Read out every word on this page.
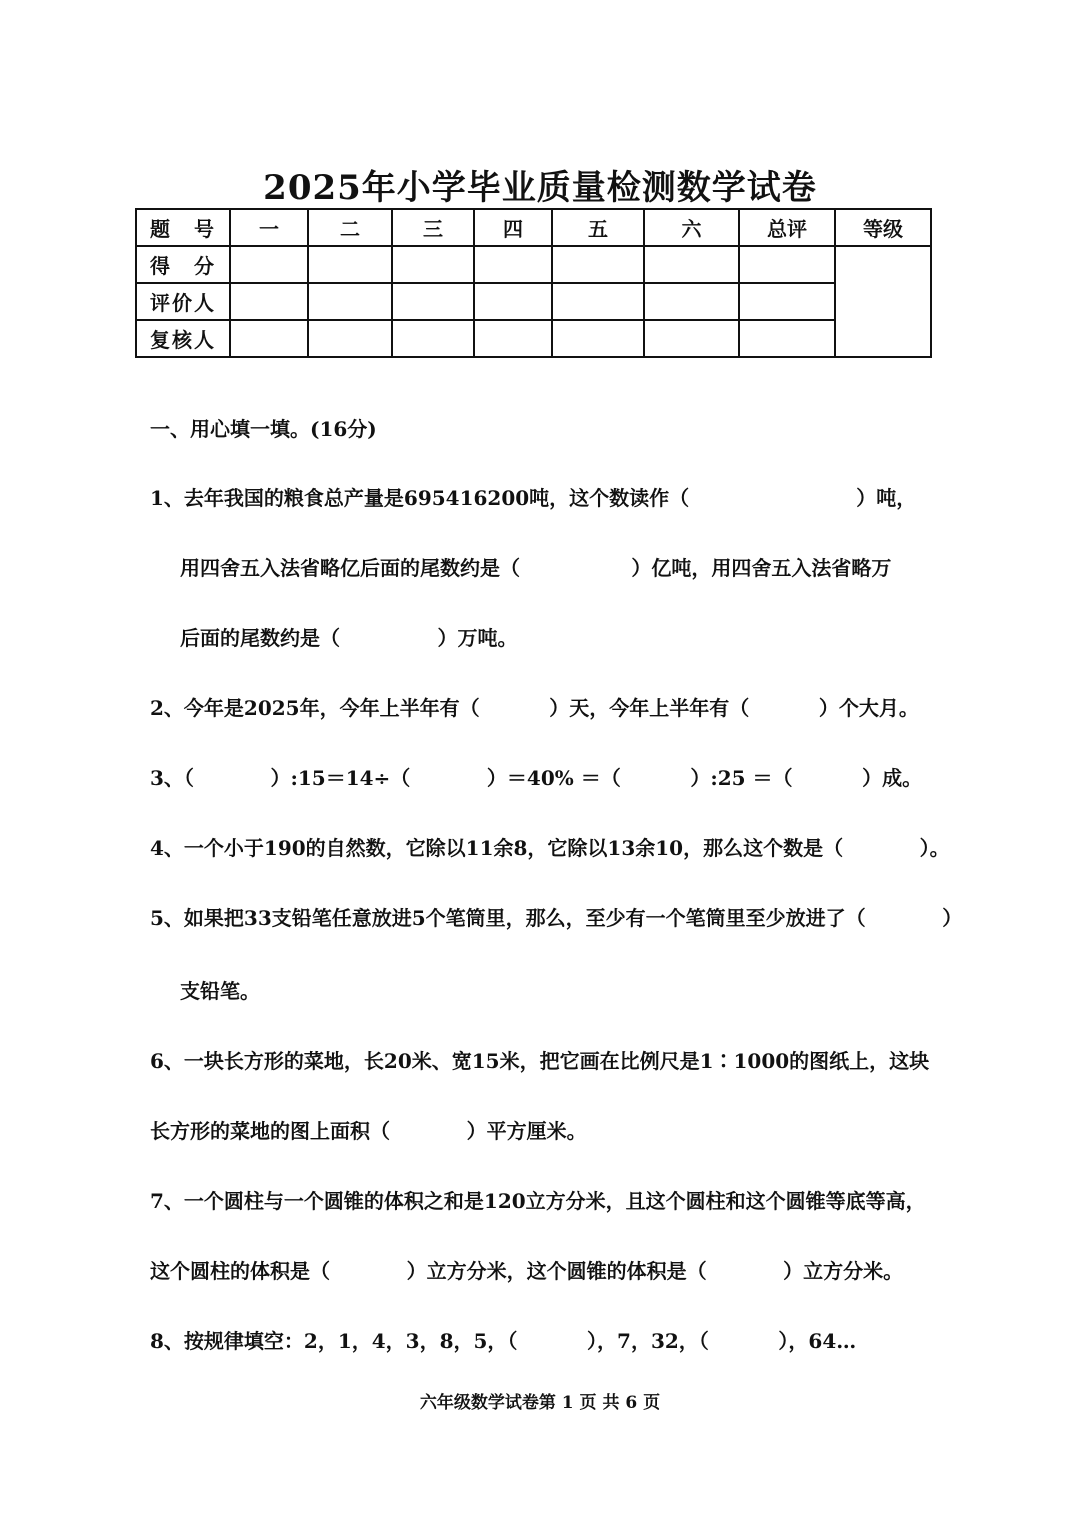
2025年小学毕业质量检测数学试卷
题　号	一	二	三	四	五	六	总评	等级
得　分								
评价人								
复核人								
一、用心填一填。(16分)
1、去年我国的粮食总产量是695416200吨，这个数读作（                        ）吨，
用四舍五入法省略亿后面的尾数约是（                ）亿吨，用四舍五入法省略万
后面的尾数约是（              ）万吨。
2、今年是2025年，今年上半年有（          ）天，今年上半年有（          ）个大月。
3、（           ）:15＝14÷（           ）＝40% ＝（          ）:25 ＝（          ）成。
4、一个小于190的自然数，它除以11余8，它除以13余10，那么这个数是（           ）。
5、如果把33支铅笔任意放进5个笔筒里，那么，至少有一个笔筒里至少放进了（           ）
支铅笔。
6、一块长方形的菜地，长20米、宽15米，把它画在比例尺是1∶1000的图纸上，这块
长方形的菜地的图上面积（           ）平方厘米。
7、一个圆柱与一个圆锥的体积之和是120立方分米，且这个圆柱和这个圆锥等底等高，
这个圆柱的体积是（           ）立方分米，这个圆锥的体积是（           ）立方分米。
8、按规律填空：2，1，4，3，8，5，（          ），7，32，（          ），64…
六年级数学试卷第 1 页 共 6 页
